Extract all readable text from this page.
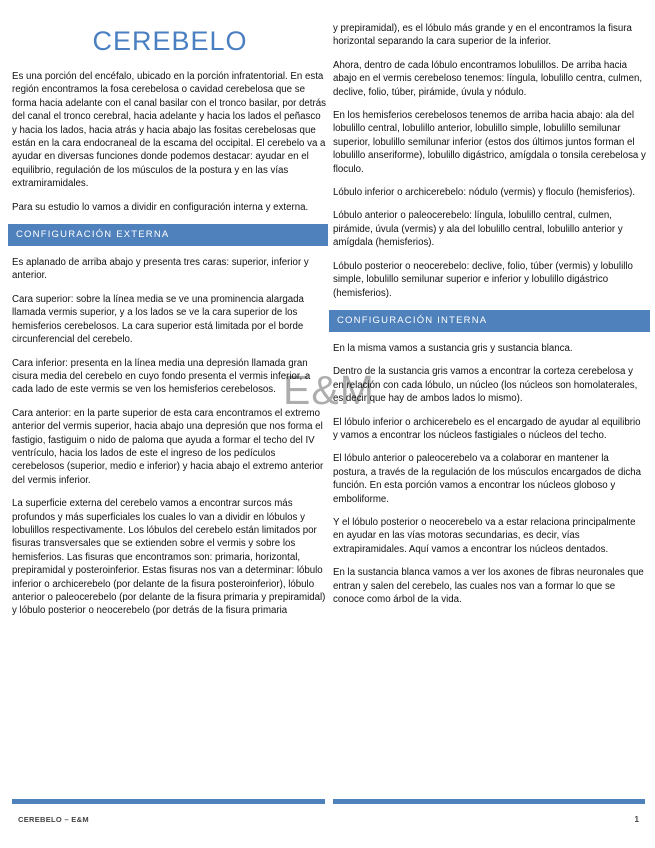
CEREBELO

Es una porción del encéfalo, ubicado en la porción infratentorial. En esta región encontramos la fosa cerebelosa o cavidad cerebelosa que se forma hacia adelante con el canal basilar con el tronco basilar, por detrás del canal el tronco cerebral, hacia adelante y hacia los lados el peñasco y hacia los lados, hacia atrás y hacia abajo las fositas cerebelosas que están en la cara endocraneal de la escama del occipital. El cerebelo va a ayudar en diversas funciones donde podemos destacar: ayudar en el equilibrio, regulación de los músculos de la postura y en las vías extramiramidales.

Para su estudio lo vamos a dividir en configuración interna y externa.

CONFIGURACIÓN EXTERNA

Es aplanado de arriba abajo y presenta tres caras: superior, inferior y anterior.

Cara superior: sobre la línea media se ve una prominencia alargada llamada vermis superior, y a los lados se ve la cara superior de los hemisferios cerebelosos. La cara superior está limitada por el borde circunferencial del cerebelo.

Cara inferior: presenta en la línea media una depresión llamada gran cisura media del cerebelo en cuyo fondo presenta el vermis inferior, a cada lado de este vermis se ven los hemisferios cerebelosos.

Cara anterior: en la parte superior de esta cara encontramos el extremo anterior del vermis superior, hacia abajo una depresión que nos forma el fastigio, fastiguim o nido de paloma que ayuda a formar el techo del IV ventrículo, hacia los lados de este el ingreso de los pedículos cerebelosos (superior, medio e inferior) y hacia abajo el extremo anterior del vermis inferior.

La superficie externa del cerebelo vamos a encontrar surcos más profundos y más superficiales los cuales lo van a dividir en lóbulos y lobulillos respectivamente. Los lóbulos del cerebelo están limitados por fisuras transversales que se extienden sobre el vermis y sobre los hemisferios. Las fisuras que encontramos son: primaria, horizontal, prepiramidal y posteroinferior. Estas fisuras nos van a determinar: lóbulo inferior o archicerebelo (por delante de la fisura posteroinferior), lóbulo anterior o paleocerebelo (por delante de la fisura primaria y prepiramidal) y lóbulo posterior o neocerebelo (por detrás de la fisura primaria

y prepiramidal), es el lóbulo más grande y en el encontramos la fisura horizontal separando la cara superior de la inferior.

Ahora, dentro de cada lóbulo encontramos lobulillos. De arriba hacia abajo en el vermis cerebeloso tenemos: língula, lobulillo centra, culmen, declive, folio, túber, pirámide, úvula y nódulo.

En los hemisferios cerebelosos tenemos de arriba hacia abajo: ala del lobulillo central, lobulillo anterior, lobulillo simple, lobulillo semilunar superior, lobulillo semilunar inferior (estos dos últimos juntos forman el lobulillo anseriforme), lobulillo digástrico, amígdala o tonsila cerebelosa y floculo.

Lóbulo inferior o archicerebelo: nódulo (vermis) y floculo (hemisferios).

Lóbulo anterior o paleocerebelo: língula, lobulillo central, culmen, pirámide, úvula (vermis) y ala del lobulillo central, lobulillo anterior y amígdala (hemisferios).

Lóbulo posterior o neocerebelo: declive, folio, túber (vermis) y lobulillo simple, lobulillo semilunar superior e inferior y lobulillo digástrico (hemisferios).

CONFIGURACIÓN INTERNA

En la misma vamos a sustancia gris y sustancia blanca.

Dentro de la sustancia gris vamos a encontrar la corteza cerebelosa y en relación con cada lóbulo, un núcleo (los núcleos son homolaterales, es decir que hay de ambos lados lo mismo).

El lóbulo inferior o archicerebelo es el encargado de ayudar al equilibrio y vamos a encontrar los núcleos fastigiales o núcleos del techo.

El lóbulo anterior o paleocerebelo va a colaborar en mantener la postura, a través de la regulación de los músculos encargados de dicha función. En esta porción vamos a encontrar los núcleos globoso y emboliforme.

Y el lóbulo posterior o neocerebelo va a estar relaciona principalmente en ayudar en las vías motoras secundarias, es decir, vías extrapiramidales. Aquí vamos a encontrar los núcleos dentados.

En la sustancia blanca vamos a ver los axones de fibras neuronales que entran y salen del cerebelo, las cuales nos van a formar lo que se conoce como árbol de la vida.

E&M
CEREBELO – E&M	1
